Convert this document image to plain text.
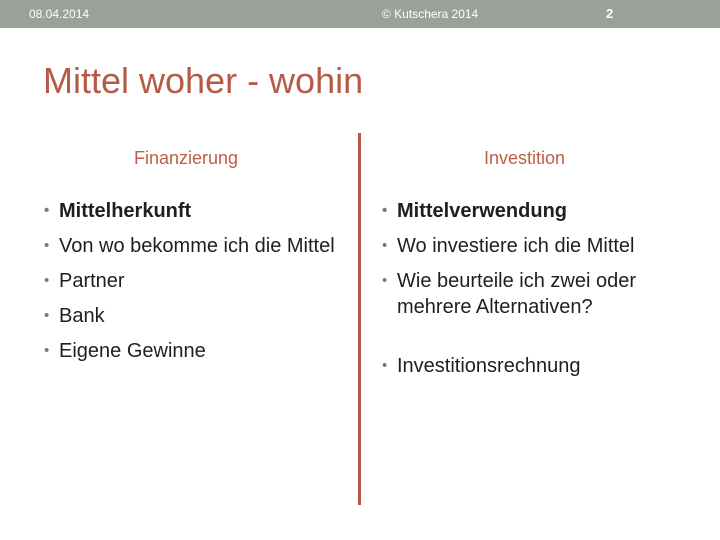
08.04.2014	© Kutschera 2014	2
Mittel woher - wohin
Finanzierung	Investition
• Mittelherkunft
• Von wo bekomme ich die Mittel
• Partner
• Bank
• Eigene Gewinne
• Mittelverwendung
• Wo investiere ich die Mittel
• Wie beurteile ich zwei oder mehrere Alternativen?
• Investitionsrechnung
